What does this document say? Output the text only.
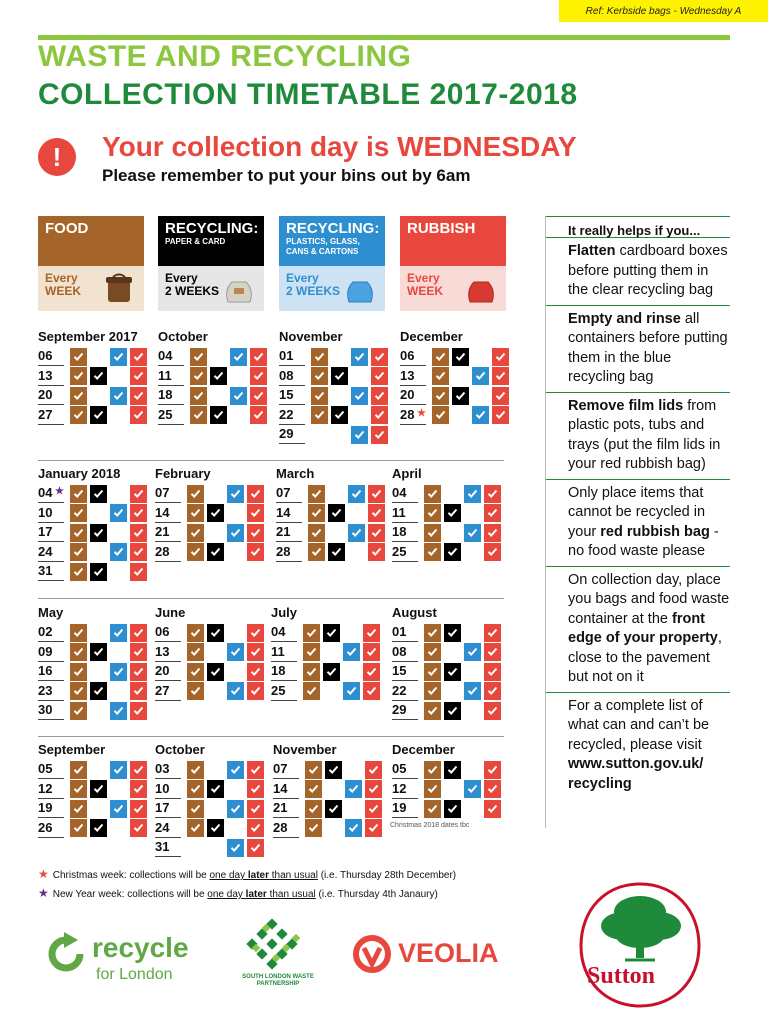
Ref: Kerbside bags - Wednesday A
WASTE AND RECYCLING
COLLECTION TIMETABLE 2017-2018
!	Your collection day is WEDNESDAY
Please remember to put your bins out by 6am
FOOD
Every
WEEK
RECYCLING:
PAPER & CARD
Every
2 WEEKS
RECYCLING:
PLASTICS, GLASS, CANS & CARTONS
Every
2 WEEKS
RUBBISH
Every
WEEK
September 2017
06
13
20
27
October
04
11
18
25
November
01
08
15
22
29
December
06
13
20
28 ★
January 2018
04 ★
10
17
24
31
February
07
14
21
28
March
07
14
21
28
April
04
11
18
25
May
02
09
16
23
30
June
06
13
20
27
July
04
11
18
25
August
01
08
15
22
29
September
05
12
19
26
October
03
10
17
24
31
November
07
14
21
28
December
05
12
19
Christmas 2018 dates tbc
★ Christmas week: collections will be one day later than usual (i.e. Thursday 28th December)
★ New Year week: collections will be one day later than usual (i.e. Thursday 4th Janaury)
It really helps if you...
Flatten cardboard boxes before putting them in the clear recycling bag
Empty and rinse all containers before putting them in the blue recycling bag
Remove film lids from plastic pots, tubs and trays (put the film lids in your red rubbish bag)
Only place items that cannot be recycled in your red rubbish bag - no food waste please
On collection day, place you bags and food waste container at the front edge of your property, close to the pavement but not on it
For a complete list of what can and can’t be recycled, please visit www.sutton.gov.uk/ recycling
recycle
for London	SOUTH LONDON WASTE PARTNERSHIP
VEOLIA
Sutton
